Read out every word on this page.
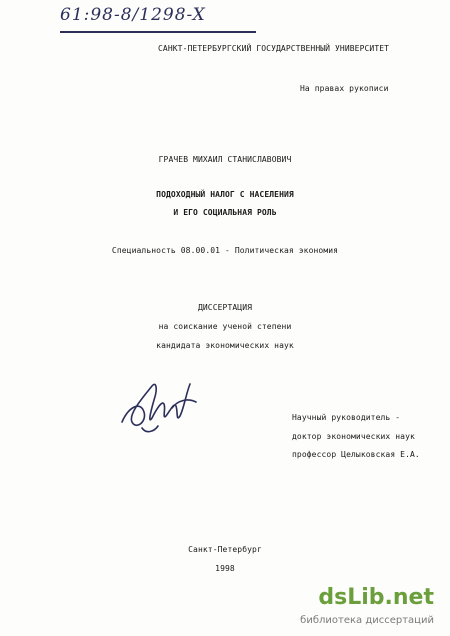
61:98-8/1298-X
САНКТ-ПЕТЕРБУРГСКИЙ ГОСУДАРСТВЕННЫЙ УНИВЕРСИТЕТ
На правах рукописи
ГРАЧЕВ МИХАИЛ СТАНИСЛАВОВИЧ
ПОДОХОДНЫЙ НАЛОГ С НАСЕЛЕНИЯ
И ЕГО СОЦИАЛЬНАЯ РОЛЬ
Специальность 08.00.01 - Политическая экономия
ДИССЕРТАЦИЯ
на соискание ученой степени
кандидата экономических наук
Научный руководитель -
доктор экономических наук
профессор Целыковская Е.А.
Санкт-Петербург
1998
dsLib.net
библиотека диссертаций
